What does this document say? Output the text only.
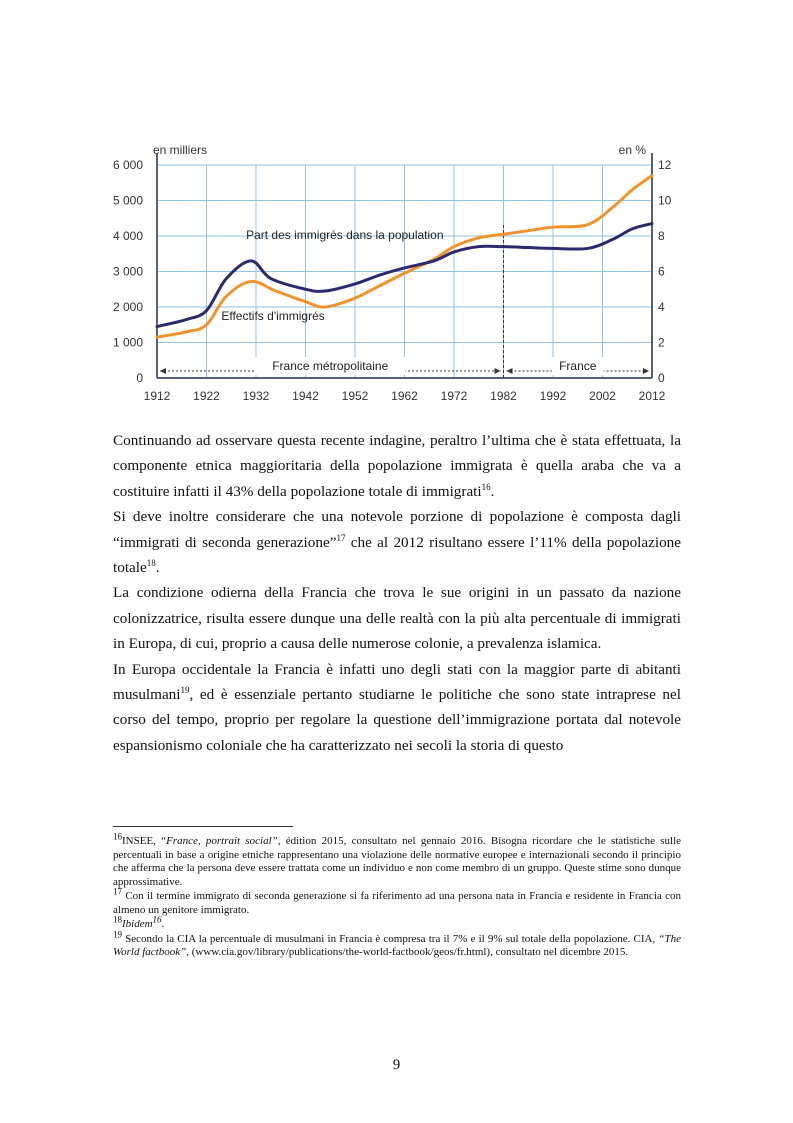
0
1 000
2 000
3 000
4 000
5 000
6 000
0
2
4
6
8
10
12
1912 1922 1932 1942 1952 1962 1972 1982 1992 2002 2012
en milliers	en %
France métropolitaine	France
Part des immigrés dans la population
Effectifs d'immigrés

Continuando ad osservare questa recente indagine, peraltro l’ultima che è stata effettuata, la componente etnica maggioritaria della popolazione immigrata è quella araba che va a costituire infatti il 43% della popolazione totale di immigrati$^{16}$.

Si deve inoltre considerare che una notevole porzione di popolazione è composta dagli “immigrati di seconda generazione”$^{17}$ che al 2012 risultano essere l’11% della popolazione totale$^{18}$.

La condizione odierna della Francia che trova le sue origini in un passato da nazione colonizzatrice, risulta essere dunque una delle realtà con la più alta percentuale di immigrati in Europa, di cui, proprio a causa delle numerose colonie, a prevalenza islamica.

In Europa occidentale la Francia è infatti uno degli stati con la maggior parte di abitanti musulmani$^{19}$, ed è essenziale pertanto studiarne le politiche che sono state intraprese nel corso del tempo, proprio per regolare la questione dell’immigrazione portata dal notevole espansionismo coloniale che ha caratterizzato nei secoli la storia di questo

$^{16}$INSEE, “France, portrait social”, édition 2015, consultato nel gennaio 2016. Bisogna ricordare che le statistiche sulle percentuali in base a origine etniche rappresentano una violazione delle normative europee e internazionali secondo il principio che afferma che la persona deve essere trattata come un individuo e non come membro di un gruppo. Queste stime sono dunque approssimative.

$^{17}$ Con il termine immigrato di seconda generazione si fa riferimento ad una persona nata in Francia e residente in Francia con almeno un genitore immigrato.

$^{18}$Ibidem$^{16}$.

$^{19}$ Secondo la CIA la percentuale di musulmani in Francia è compresa tra il 7% e il 9% sul totale della popolazione. CIA, “The World factbook”, (www.cia.gov/library/publications/the-world-factbook/geos/fr.html), consultato nel dicembre 2015.

9
